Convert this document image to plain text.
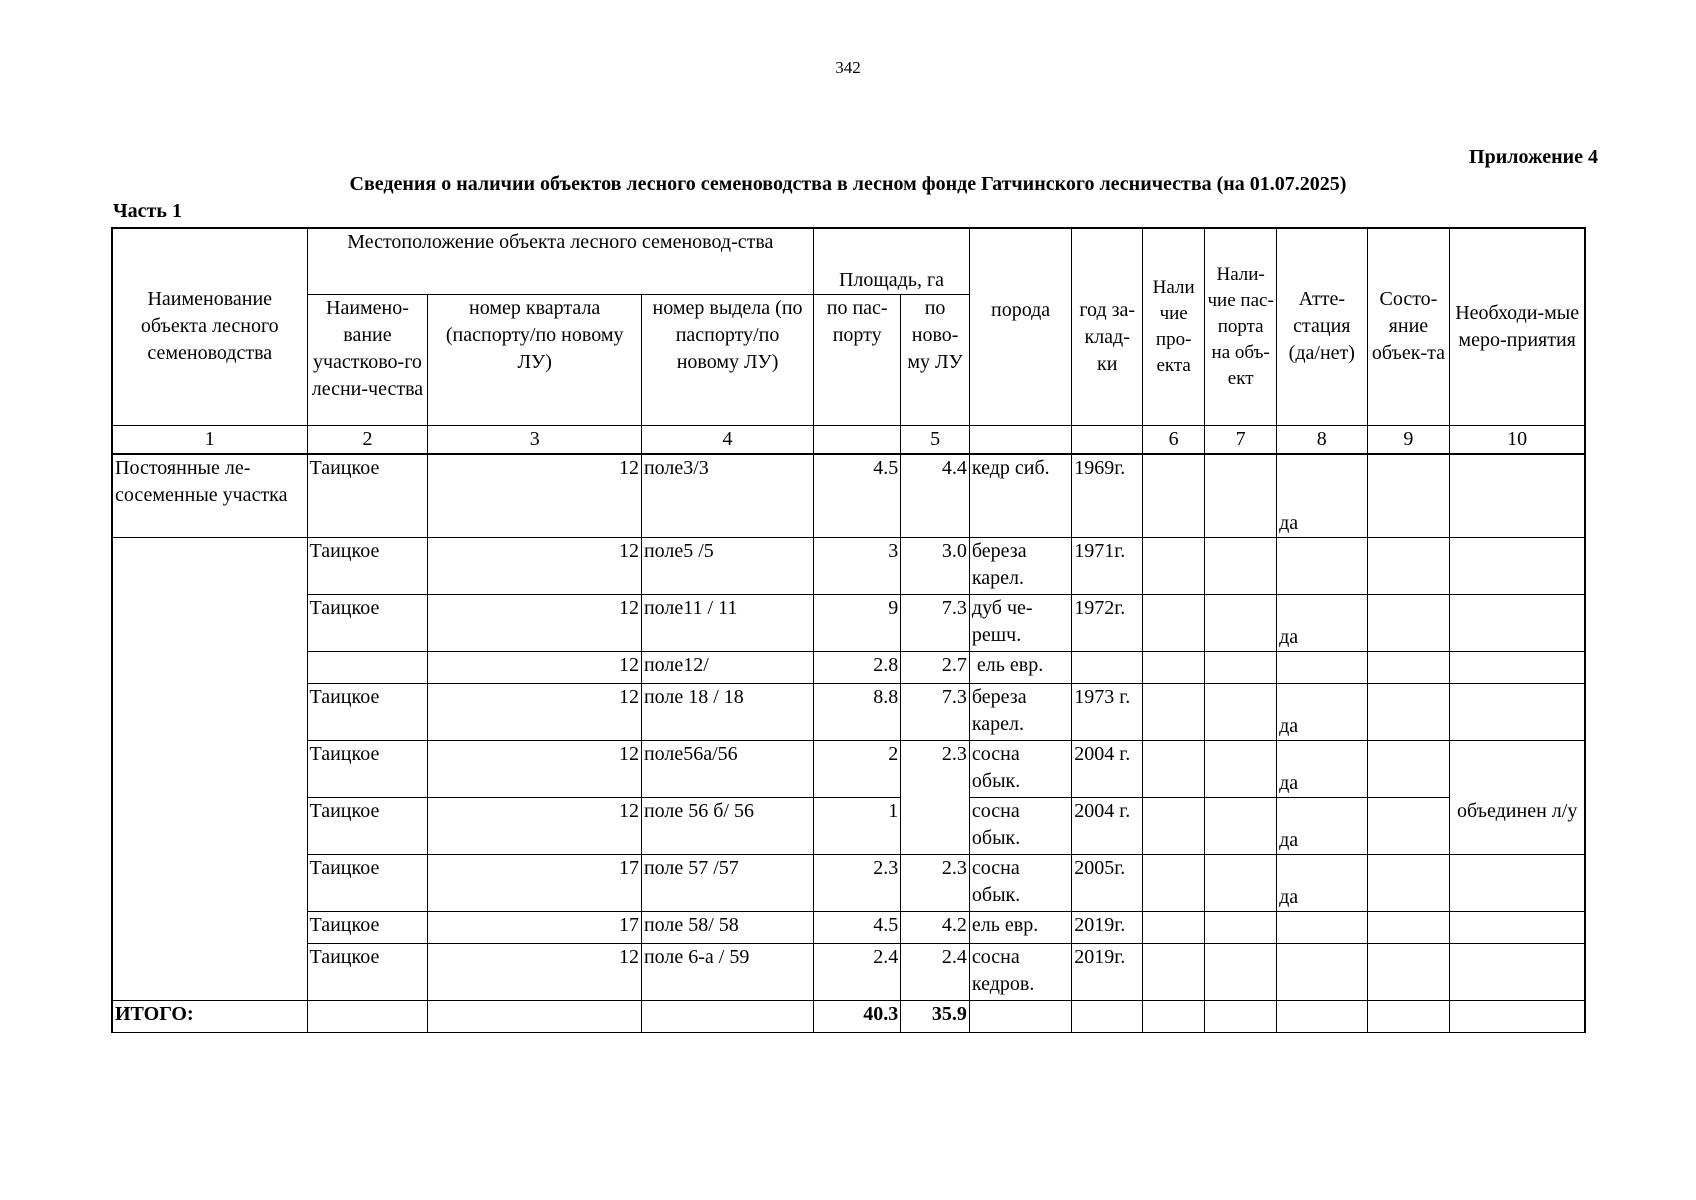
342
Приложение 4
Сведения о наличии объектов лесного семеноводства в лесном фонде Гатчинского лесничества (на 01.07.2025)
Часть 1
Наименование объекта лесного семеноводства	Местоположение объекта лесного семеновод-ства			Площадь, га		порода	год за-клад-ки	Нали чие про-екта	Нали-чие пас-порта на объ-ект	Атте-стация (да/нет)	Состо-яние объек-та	Необходи-мые меро-приятия
	Наимено-вание участково-го лесни-чества	номер квартала (паспорту/по новому ЛУ)	номер выдела (по паспорту/по новому ЛУ)	по пас-порту	по ново-му ЛУ							
1	2	3	4		5			6	7	8	9	10
Постоянные ле-сосеменные участка	Таицкое	12	поле3/3	4.5	4.4	кедр сиб.	1969г.			да		
	Таицкое	12	поле5 /5	3	3.0	береза карел.	1971г.					
	Таицкое	12	поле11 / 11	9	7.3	дуб че-решч.	1972г.			да		
		12	поле12/	2.8	2.7	ель евр.						
	Таицкое	12	поле 18 / 18	8.8	7.3	береза карел.	1973 г.			да		
	Таицкое	12	поле56а/56	2	2.3	сосна обык.	2004 г.			да		объединен л/у
	Таицкое	12	поле 56 б/ 56	1		сосна обык.	2004 г.			да		
	Таицкое	17	поле 57 /57	2.3	2.3	сосна обык.	2005г.			да		
	Таицкое	17	поле 58/ 58	4.5	4.2	ель евр.	2019г.					
	Таицкое	12	поле 6-а / 59	2.4	2.4	сосна кедров.	2019г.					
ИТОГО:				40.3	35.9							
